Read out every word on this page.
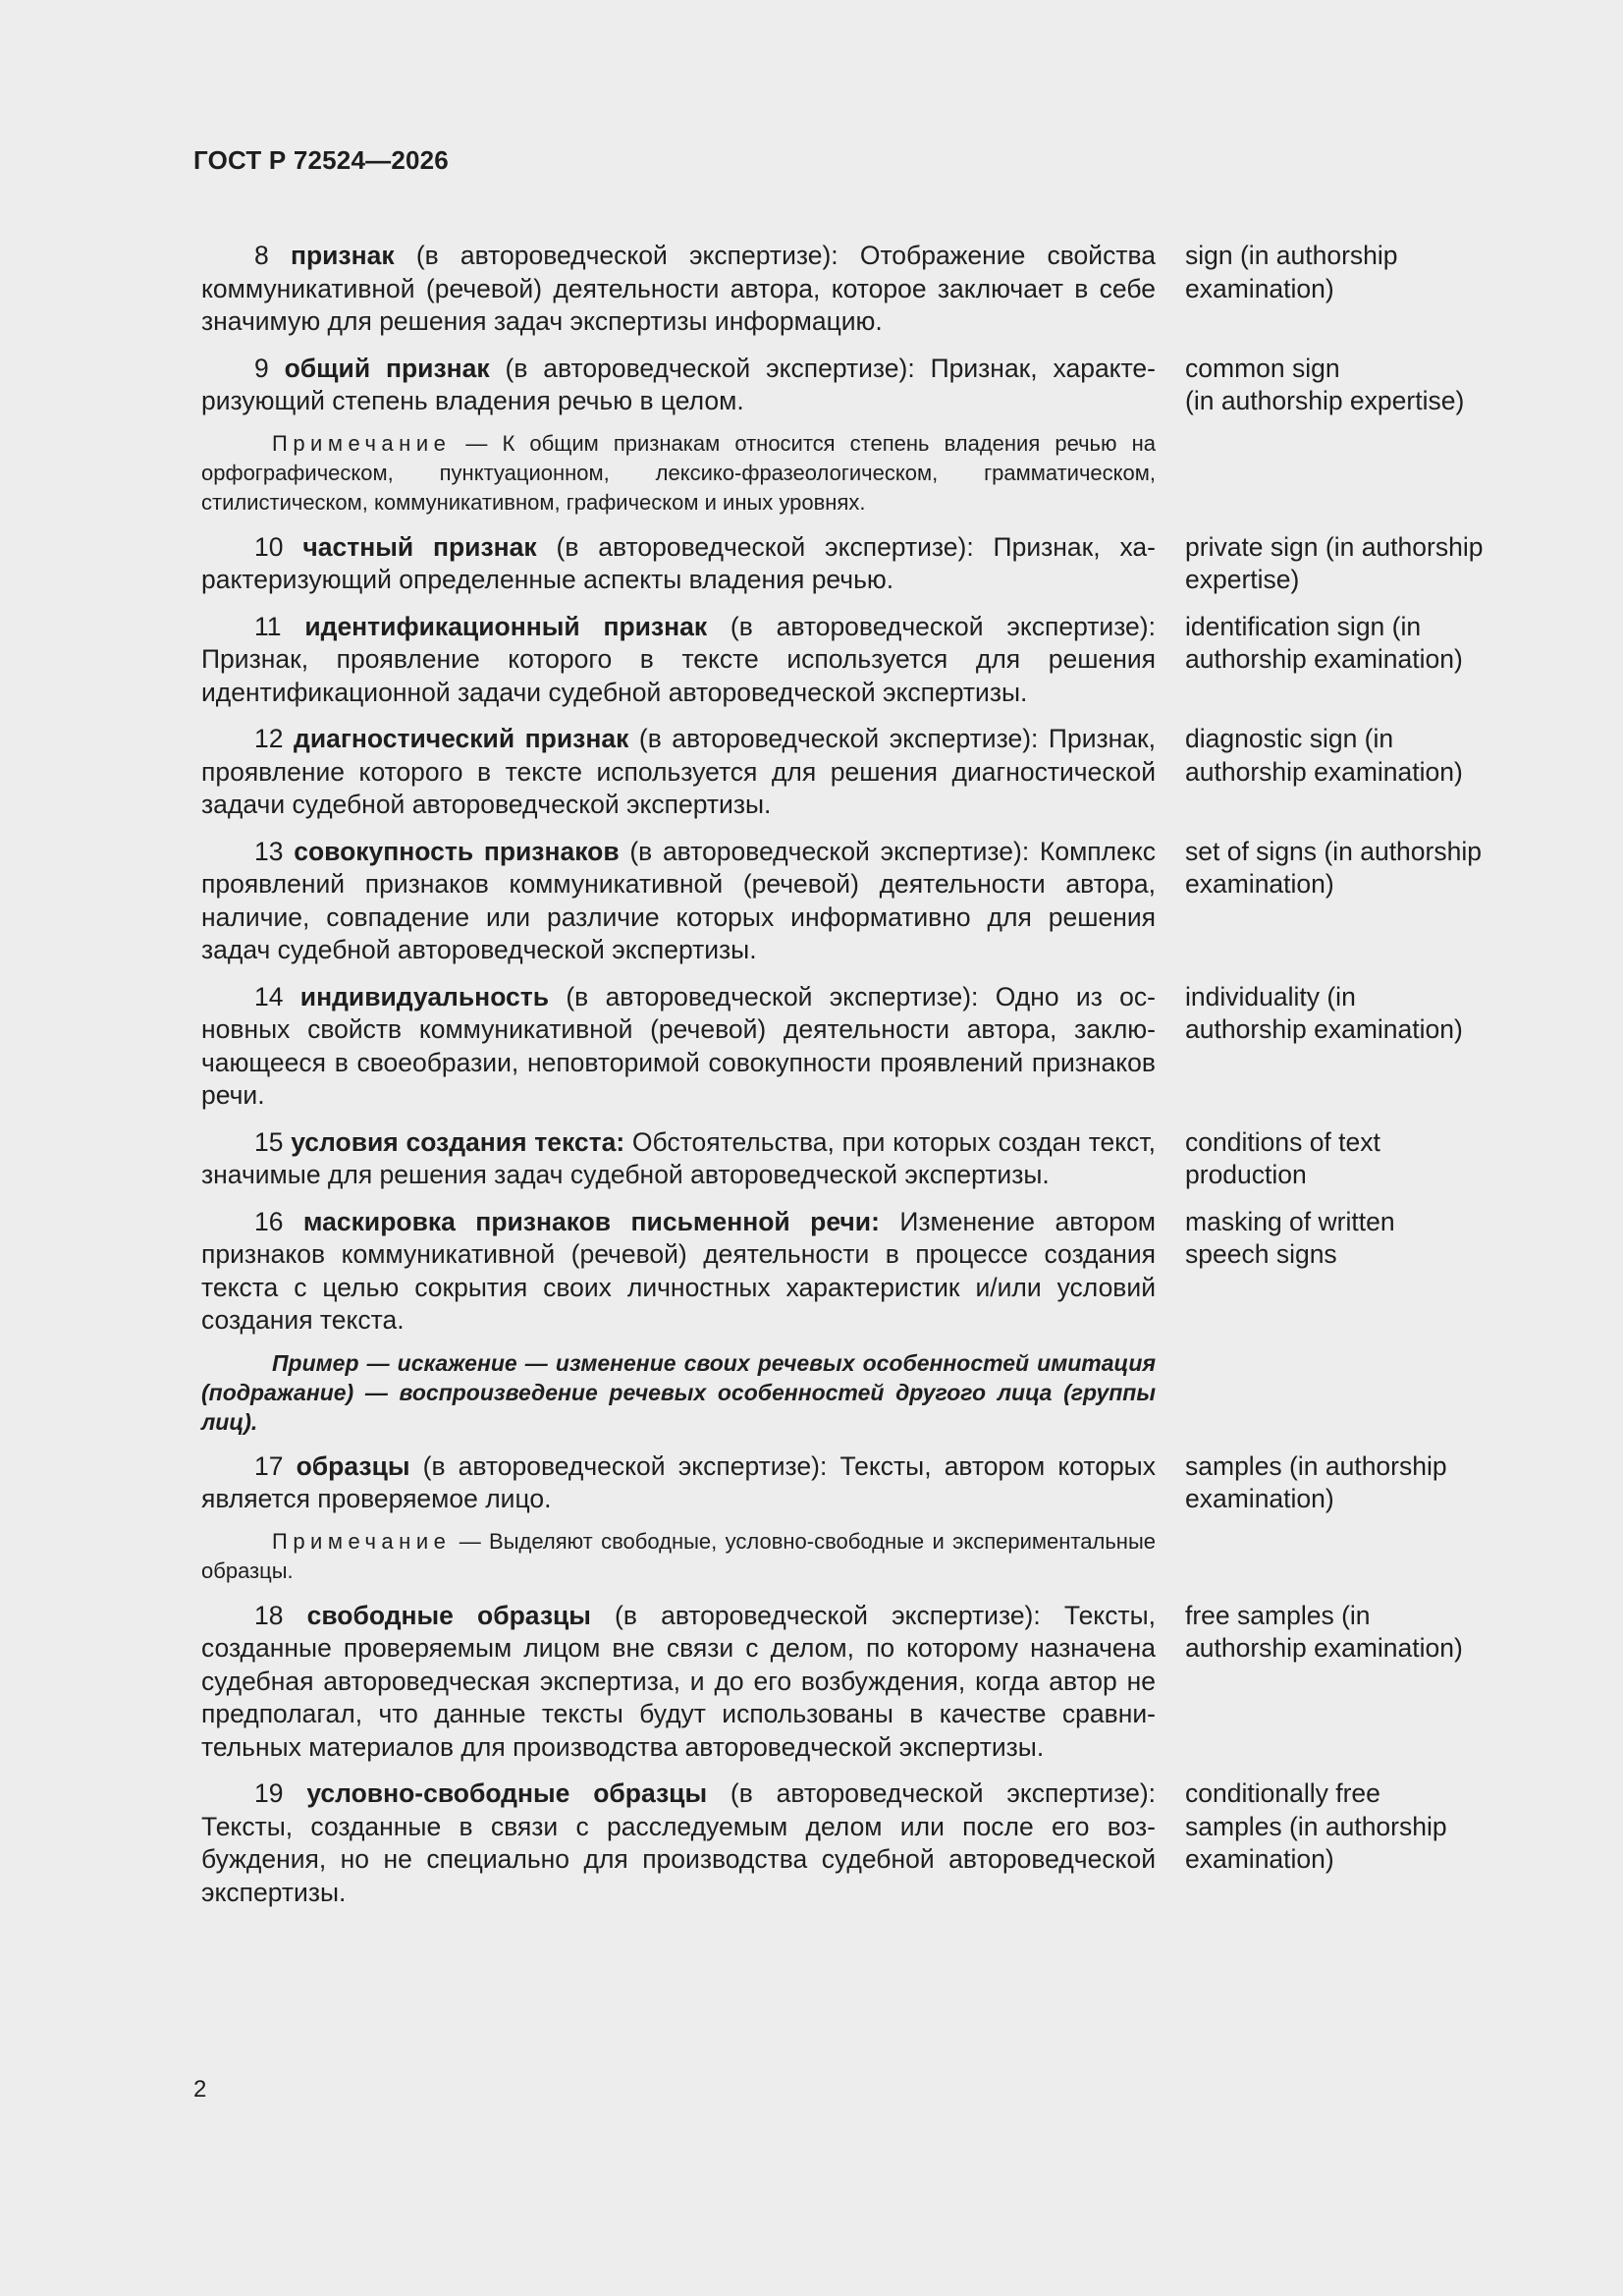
ГОСТ Р 72524—2026
8 признак (в автороведческой экспертизе): Отображение свойства коммуникативной (речевой) деятельности автора, которое заключает в себе значимую для решения задач экспертизы информацию.
sign (in authorship
examination)
9 общий признак (в автороведческой экспертизе): Признак, характеризующий степень владения речью в целом.
common sign
(in authorship expertise)
Примечание — К общим признакам относится степень владения речью на орфографическом, пунктуационном, лексико-фразеологическом, грамматическом, стилистическом, коммуникативном, графическом и иных уровнях.
10 частный признак (в автороведческой экспертизе): Признак, характеризующий определенные аспекты владения речью.
private sign (in authorship
expertise)
11 идентификационный признак (в автороведческой экспертизе): Признак, проявление которого в тексте используется для решения идентификационной задачи судебной автороведческой экспертизы.
identification sign (in
authorship examination)
12 диагностический признак (в автороведческой экспертизе): Признак, проявление которого в тексте используется для решения диагностической задачи судебной автороведческой экспертизы.
diagnostic sign (in
authorship examination)
13 совокупность признаков (в автороведческой экспертизе): Комплекс проявлений признаков коммуникативной (речевой) деятельности автора, наличие, совпадение или различие которых информативно для решения задач судебной автороведческой экспертизы.
set of signs (in authorship
examination)
14 индивидуальность (в автороведческой экспертизе): Одно из основных свойств коммуникативной (речевой) деятельности автора, заключающееся в своеобразии, неповторимой совокупности проявлений признаков речи.
individuality (in
authorship examination)
15 условия создания текста: Обстоятельства, при которых создан текст, значимые для решения задач судебной автороведческой экспертизы.
conditions of text
production
16 маскировка признаков письменной речи: Изменение автором признаков коммуникативной (речевой) деятельности в процессе создания текста с целью сокрытия своих личностных характеристик и/или условий создания текста.
masking of written
speech signs
Пример — искажение — изменение своих речевых особенностей имитация (подражание) — воспроизведение речевых особенностей другого лица (группы лиц).
17 образцы (в автороведческой экспертизе): Тексты, автором которых является проверяемое лицо.
samples (in authorship
examination)
Примечание — Выделяют свободные, условно-свободные и экспериментальные образцы.
18 свободные образцы (в автороведческой экспертизе): Тексты, созданные проверяемым лицом вне связи с делом, по которому назначена судебная автороведческая экспертиза, и до его возбуждения, когда автор не предполагал, что данные тексты будут использованы в качестве сравнительных материалов для производства автороведческой экспертизы.
free samples (in
authorship examination)
19 условно-свободные образцы (в автороведческой экспертизе): Тексты, созданные в связи с расследуемым делом или после его возбуждения, но не специально для производства судебной автороведческой экспертизы.
conditionally free
samples (in authorship
examination)
2
